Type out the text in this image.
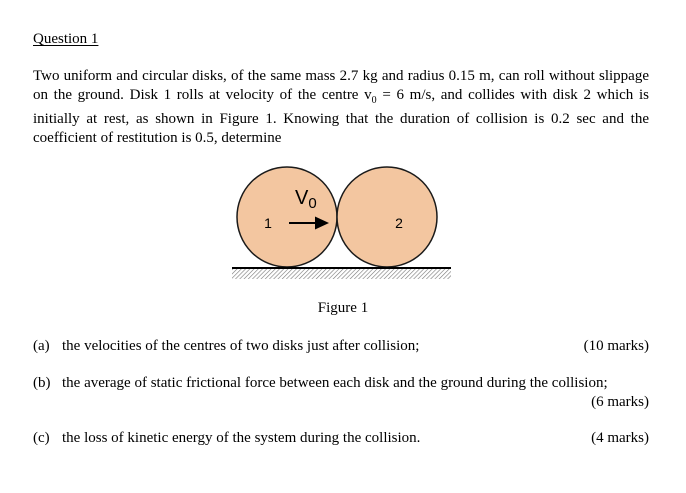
Question 1
Two uniform and circular disks, of the same mass 2.7 kg and radius 0.15 m, can roll without slippage on the ground. Disk 1 rolls at velocity of the centre $v_0 = 6$ m/s, and collides with disk 2 which is initially at rest, as shown in Figure 1. Knowing that the duration of collision is 0.2 sec and the coefficient of restitution is 0.5, determine
1	2
$V_0$
Figure 1
(a) the velocities of the centres of two disks just after collision;	(10 marks)
(b) the average of static frictional force between each disk and the ground during the collision;
(6 marks)
(c) the loss of kinetic energy of the system during the collision.	(4 marks)
